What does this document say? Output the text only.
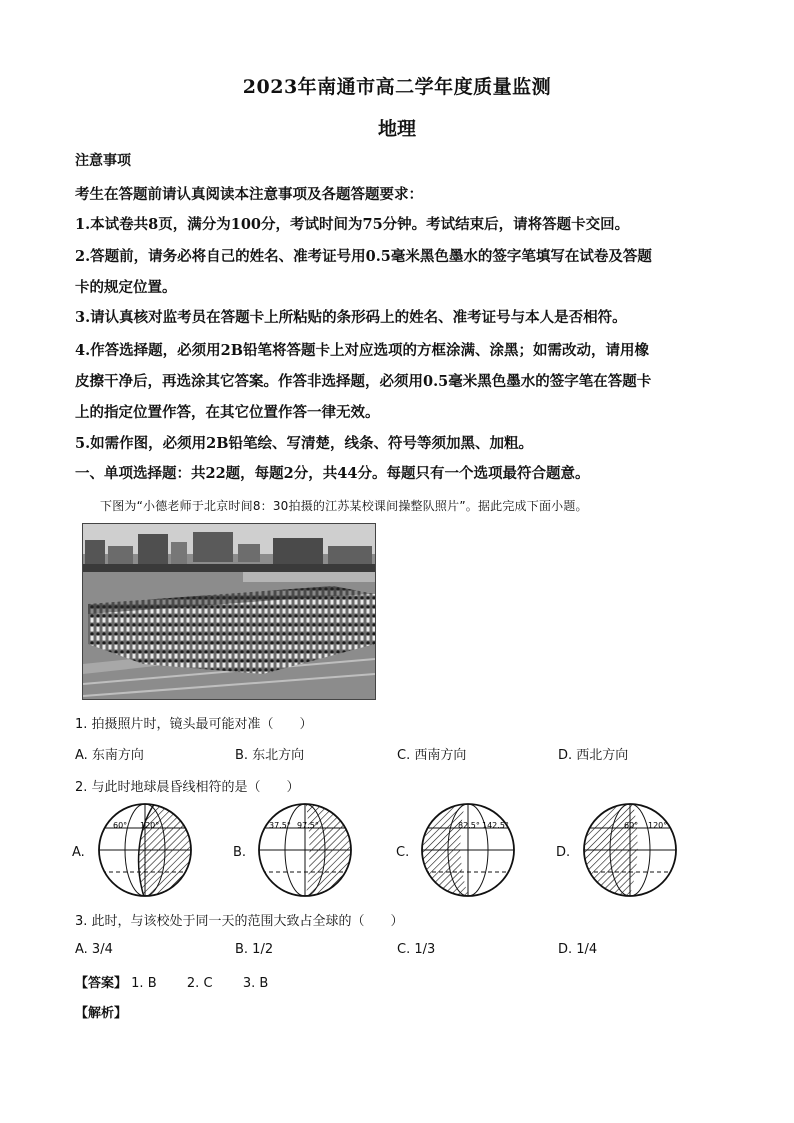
2023年南通市高二学年度质量监测
地理
注意事项
考生在答题前请认真阅读本注意事项及各题答题要求：
1.本试卷共8页，满分为100分，考试时间为75分钟。考试结束后，请将答题卡交回。
2.答题前，请务必将自己的姓名、准考证号用0.5毫米黑色墨水的签字笔填写在试卷及答题
卡的规定位置。
3.请认真核对监考员在答题卡上所粘贴的条形码上的姓名、准考证号与本人是否相符。
4.作答选择题，必须用2B铅笔将答题卡上对应选项的方框涂满、涂黑；如需改动，请用橡
皮擦干净后，再选涂其它答案。作答非选择题，必须用0.5毫米黑色墨水的签字笔在答题卡
上的指定位置作答，在其它位置作答一律无效。
5.如需作图，必须用2B铅笔绘、写清楚，线条、符号等须加黑、加粗。
一、单项选择题：共22题，每题2分，共44分。每题只有一个选项最符合题意。
下图为“小德老师于北京时间8：30拍摄的江苏某校课间操整队照片”。据此完成下面小题。
1. 拍摄照片时，镜头最可能对准（　　）
A. 东南方向	B. 东北方向	C. 西南方向	D. 西北方向
2. 与此时地球晨昏线相符的是（　　）
A.	B.	C.	D.
60° 120°	37.5° 97.5°	82.5° 142.5°	60° 120°
3. 此时，与该校处于同一天的范围大致占全球的（　　）
A. 3/4	B. 1/2	C. 1/3	D. 1/4
【答案】 1. B 2. C 3. B
【解析】
